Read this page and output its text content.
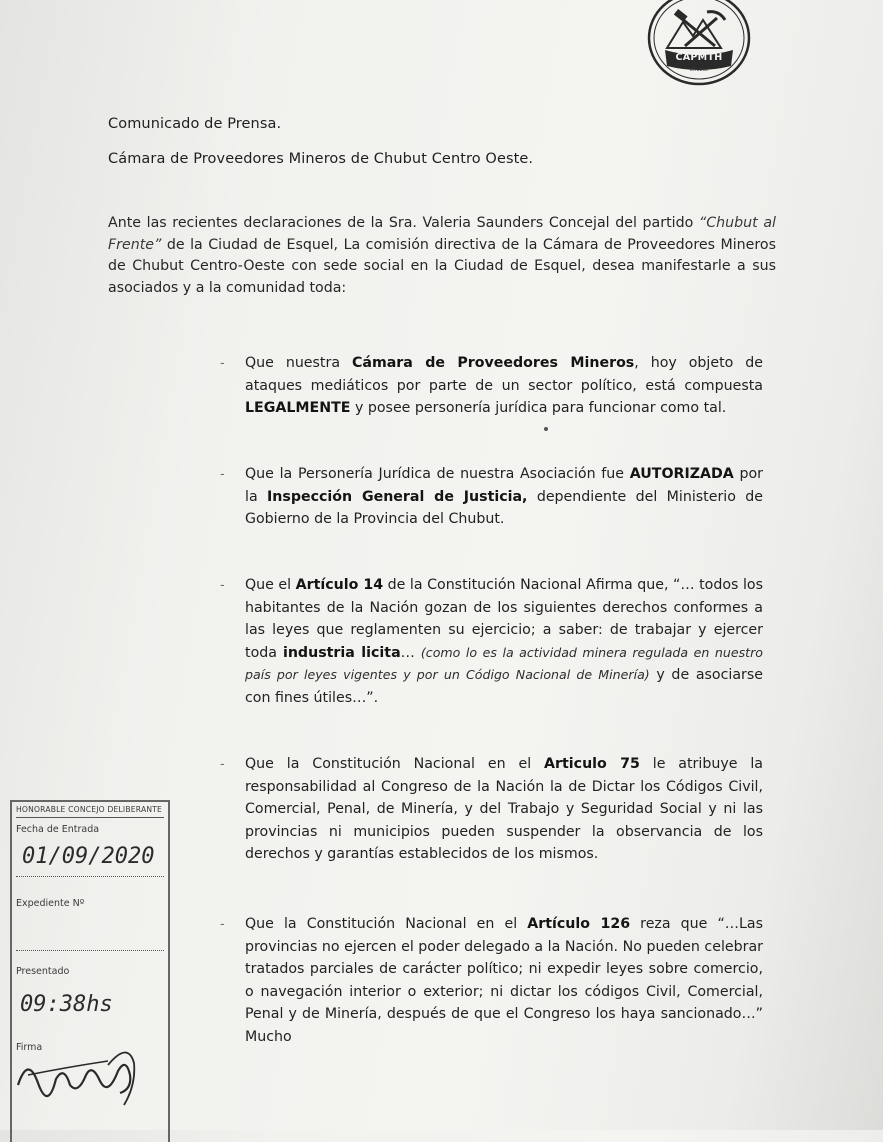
CAPMTH
Chubut
Comunicado de Prensa.
Cámara de Proveedores Mineros de Chubut Centro Oeste.

Ante las recientes declaraciones de la Sra. Valeria Saunders Concejal del partido “Chubut al Frente” de la Ciudad de Esquel, La comisión directiva de la Cámara de Proveedores Mineros de Chubut Centro-Oeste con sede social en la Ciudad de Esquel, desea manifestarle a sus asociados y a la comunidad toda:

- Que nuestra Cámara de Proveedores Mineros, hoy objeto de ataques mediáticos por parte de un sector político, está compuesta LEGALMENTE y posee personería jurídica para funcionar como tal.
- Que la Personería Jurídica de nuestra Asociación fue AUTORIZADA por la Inspección General de Justicia, dependiente del Ministerio de Gobierno de la Provincia del Chubut.
- Que el Artículo 14 de la Constitución Nacional Afirma que, “… todos los habitantes de la Nación gozan de los siguientes derechos conformes a las leyes que reglamenten su ejercicio; a saber: de trabajar y ejercer toda industria licita… (como lo es la actividad minera regulada en nuestro país por leyes vigentes y por un Código Nacional de Minería) y de asociarse con fines útiles…”.
- Que la Constitución Nacional en el Articulo 75 le atribuye la responsabilidad al Congreso de la Nación la de Dictar los Códigos Civil, Comercial, Penal, de Minería, y del Trabajo y Seguridad Social y ni las provincias ni municipios pueden suspender la observancia de los derechos y garantías establecidos de los mismos.
- Que la Constitución Nacional en el Artículo 126 reza que “…Las provincias no ejercen el poder delegado a la Nación. No pueden celebrar tratados parciales de carácter político; ni expedir leyes sobre comercio, o navegación interior o exterior; ni dictar los códigos Civil, Comercial, Penal y de Minería, después de que el Congreso los haya sancionado…” Mucho
HONORABLE CONCEJO DELIBERANTE
Fecha de Entrada
01/09/2020
Expediente Nº
Presentado
09:38hs
Firma
